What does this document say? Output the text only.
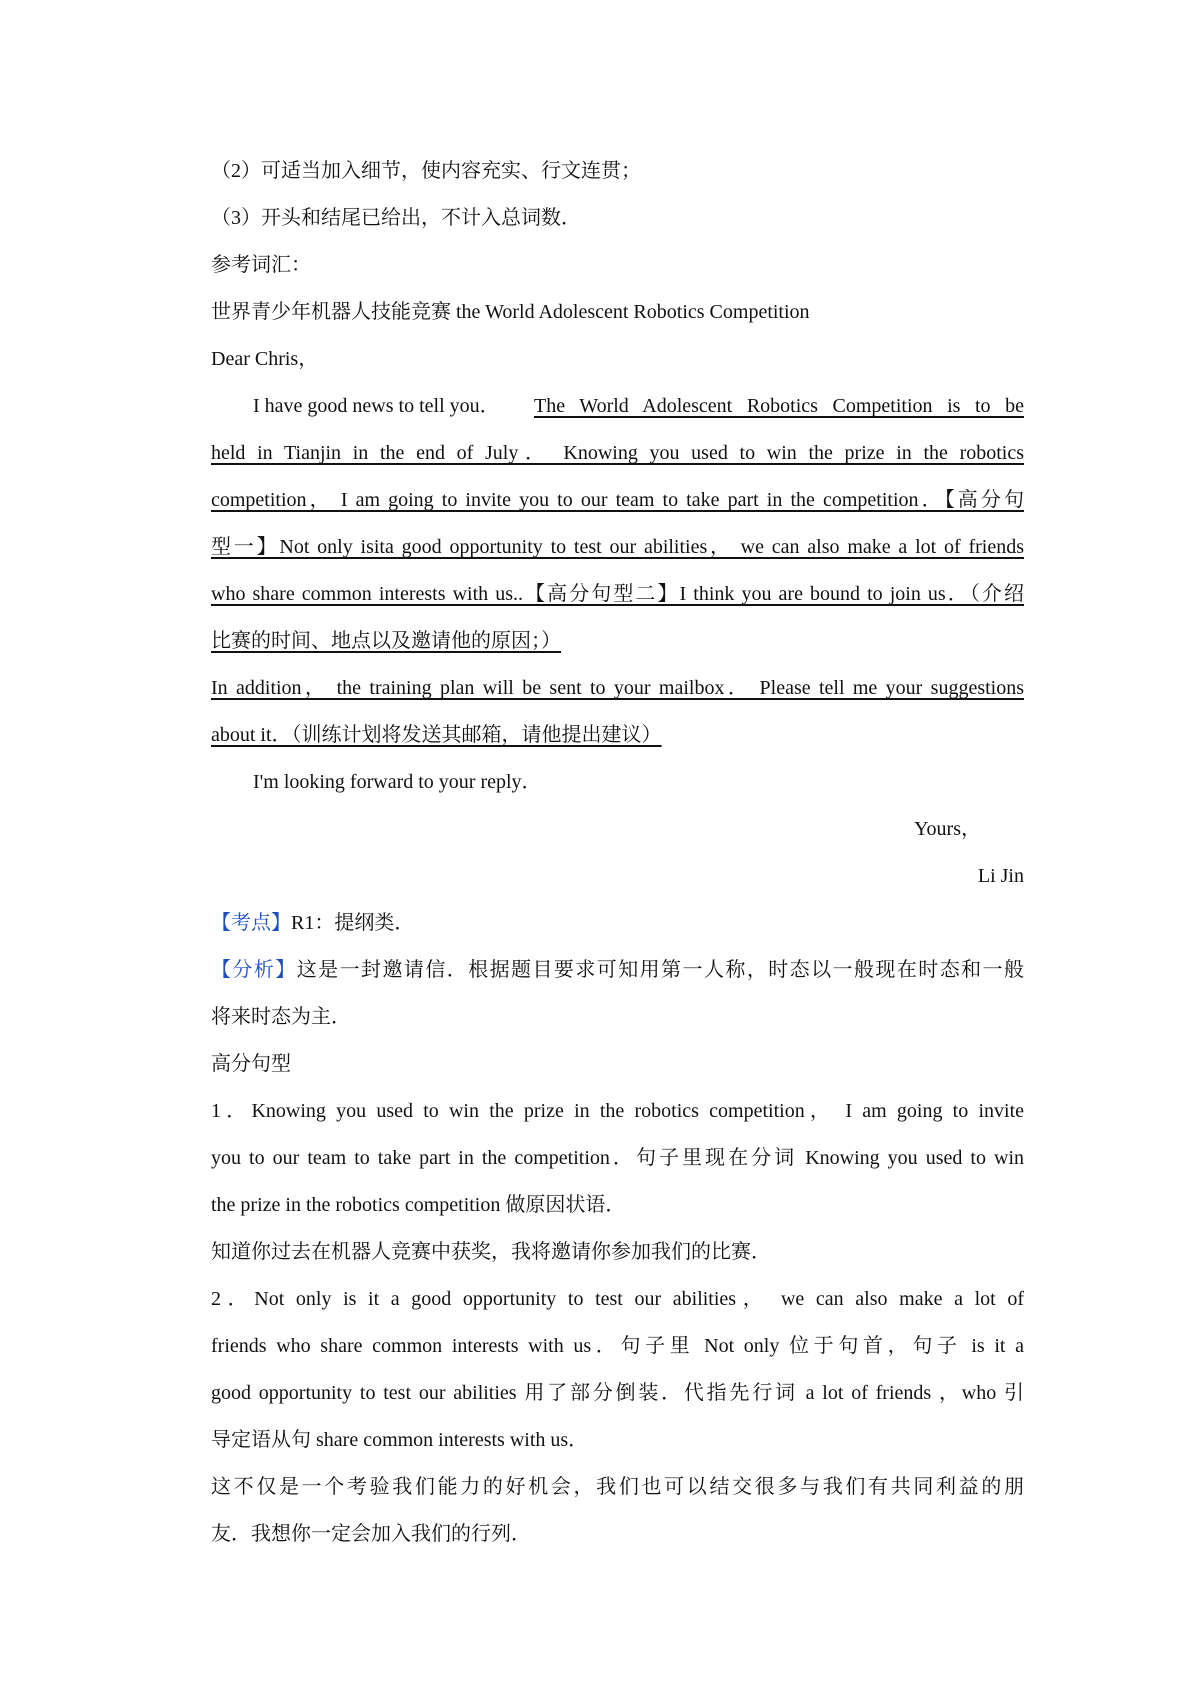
（2）可适当加入细节，使内容充实、行文连贯；
（3）开头和结尾已给出，不计入总词数．
参考词汇：
世界青少年机器人技能竞赛 the World Adolescent Robotics Competition
Dear Chris，
I have good news to tell you．	The World Adolescent Robotics Competition is to be
held in Tianjin in the end of July． Knowing you used to win the prize in the robotics
competition， I am going to invite you to our team to take part in the competition．【高分句
型一】Not only isita good opportunity to test our abilities， we can also make a lot of friends
who share common interests with us..【高分句型二】I think you are bound to join us．（介绍
比赛的时间、地点以及邀请他的原因；）
In addition， the training plan will be sent to your mailbox． Please tell me your suggestions
about it．（训练计划将发送其邮箱，请他提出建议）
I'm looking forward to your reply．
Yours，
Li Jin
【考点】R1：提纲类．
【分析】这是一封邀请信．根据题目要求可知用第一人称，时态以一般现在时态和一般
将来时态为主．
高分句型
1．Knowing you used to win the prize in the robotics competition， I am going to invite
you to our team to take part in the competition．句子里现在分词 Knowing you used to win
the prize in the robotics competition 做原因状语．
知道你过去在机器人竞赛中获奖，我将邀请你参加我们的比赛．
2．Not only is it a good opportunity to test our abilities， we can also make a lot of
friends who share common interests with us．句子里 Not only 位于句首，句子 is it a
good opportunity to test our abilities 用了部分倒装．代指先行词 a lot of friends ，who 引
导定语从句 share common interests with us．
这不仅是一个考验我们能力的好机会，我们也可以结交很多与我们有共同利益的朋
友．我想你一定会加入我们的行列．
